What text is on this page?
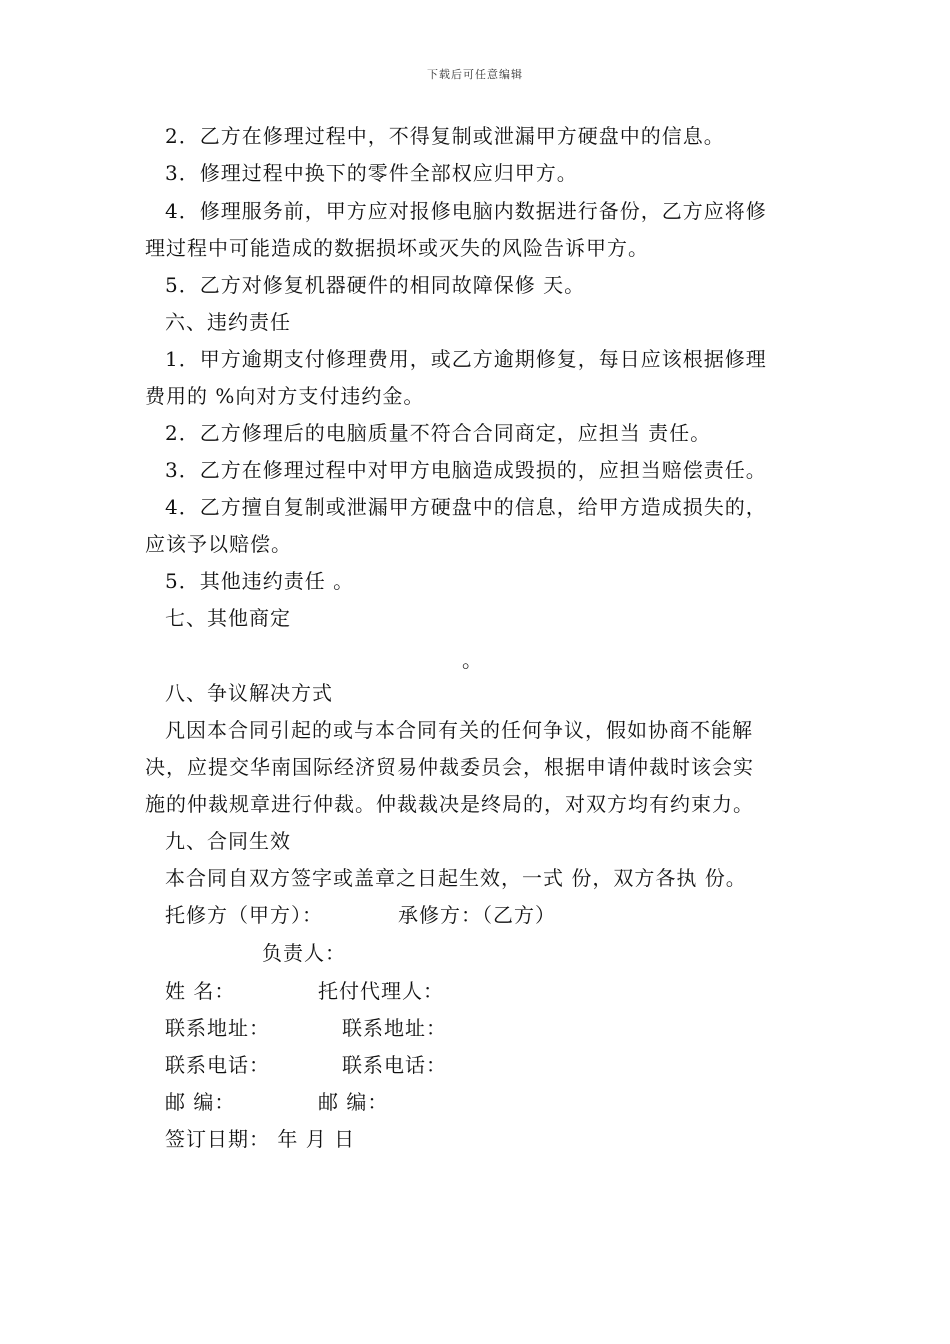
下载后可任意编辑
2．乙方在修理过程中，不得复制或泄漏甲方硬盘中的信息。
3．修理过程中换下的零件全部权应归甲方。
4．修理服务前，甲方应对报修电脑内数据进行备份，乙方应将修
理过程中可能造成的数据损坏或灭失的风险告诉甲方。
5．乙方对修复机器硬件的相同故障保修 天。
六、违约责任
1．甲方逾期支付修理费用，或乙方逾期修复，每日应该根据修理
费用的 %向对方支付违约金。
2．乙方修理后的电脑质量不符合合同商定，应担当 责任。
3．乙方在修理过程中对甲方电脑造成毁损的，应担当赔偿责任。
4．乙方擅自复制或泄漏甲方硬盘中的信息，给甲方造成损失的，
应该予以赔偿。
5．其他违约责任 。
七、其他商定
。
八、争议解决方式
凡因本合同引起的或与本合同有关的任何争议，假如协商不能解
决，应提交华南国际经济贸易仲裁委员会，根据申请仲裁时该会实
施的仲裁规章进行仲裁。仲裁裁决是终局的，对双方均有约束力。
九、合同生效
本合同自双方签字或盖章之日起生效，一式 份，双方各执 份。
托修方（甲方）：	承修方：（乙方）
负责人：
姓 名：	托付代理人：
联系地址：	联系地址：
联系电话：	联系电话：
邮 编：	邮 编：
签订日期： 年 月 日
